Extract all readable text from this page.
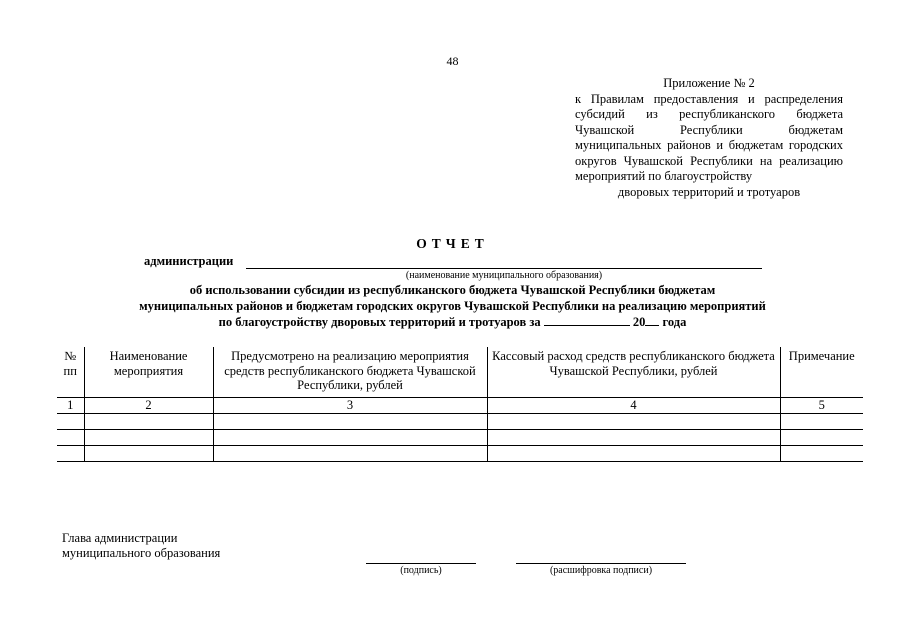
48
Приложение № 2
к Правилам предоставления и распределения субсидий из республиканского бюджета Чувашской Республики бюджетам муниципальных районов и бюджетам городских округов Чувашской Республики на реализацию мероприятий по благоустройству
дворовых территорий и тротуаров
ОТЧЕТ
администрации
(наименование муниципального образования)
об использовании субсидии из республиканского бюджета Чувашской Республики бюджетам
муниципальных районов и бюджетам городских округов Чувашской Республики на реализацию мероприятий
по благоустройству дворовых территорий и тротуаров за	20 года
№ пп	Наименование мероприятия	Предусмотрено на реализацию мероприятия средств республиканского бюджета Чувашской Республики, рублей	Кассовый расход средств республиканского бюджета Чувашской Республики, рублей	Примечание
1	2	3	4	5

Глава администрации
муниципального образования
(подпись)	(расшифровка подписи)
